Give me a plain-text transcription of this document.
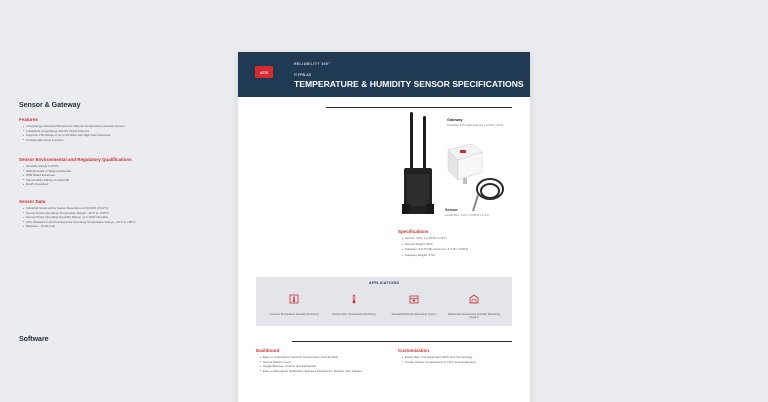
ATS
RELIABILITY 360°
IT FPB-AS
TEMPERATURE & HUMIDITY SENSOR SPECIFICATIONS
Sensor & Gateway
Features
Long Range Industrial Wireless IoT Remote Temperature Humidity Sensor
LoRaWAN Long-Range with 5G Wired Antenna
Supports LTE Range of up to 28 Miles with High Gain Antennas
Configurable Temp Function
Sensor Environmental and Regulatory Qualifications
Humidity Range 0-100%
Wall Mounted or Magnet Mounted
IP65 Rated Enclosure
Flammability Rating of UL94 HB
RoHS Compliant
Sensor Data
Industrial Grade with a Sensor Resolution of ±0.0001 (±0.2°C)
Sensor Probe Operating Temperature Range: -40°C to +125°C
Sensor Probe Operating Humidity Rating: up to 90% Humidity
CPU Wireless in-situ housing body Operating Temperature Range: -40°C to +85°C
Batteries – IS AA (LR)
Gateway
Industrial: 3.5"L with antenna x 4.6"W x 9.0"H
Sensor
Actual Size: 3.0"L x 2.46"W x 1.3"H
Specifications
Sensor: 4.0"L x 2.25"W x 2.9"H
Sensor Weight: 29 lb
Gateway: 6"H Profile antenna x 4.7"W x 8.29"H
Gateway Weight: 8 lbs
APPLICATIONS
In-House Temperature Humidity Monitoring	Factory Floor Temperature Monitoring	Storage/Distribution Monitoring System	Warehouse Temperature Humidity Monitoring System
Software
Dashboard
Easy to Understand Trend for Temperature and Humidity
Sensor Battery Level
Toggle Between Celsius and Fahrenheit
Easy to Recognize Notification Statuses Designed to Reduce Alert Fatigue
Customization
Easily Map Your Equipment With Your Terminology
Create Unique Comparisons to Third-Line Equipment
